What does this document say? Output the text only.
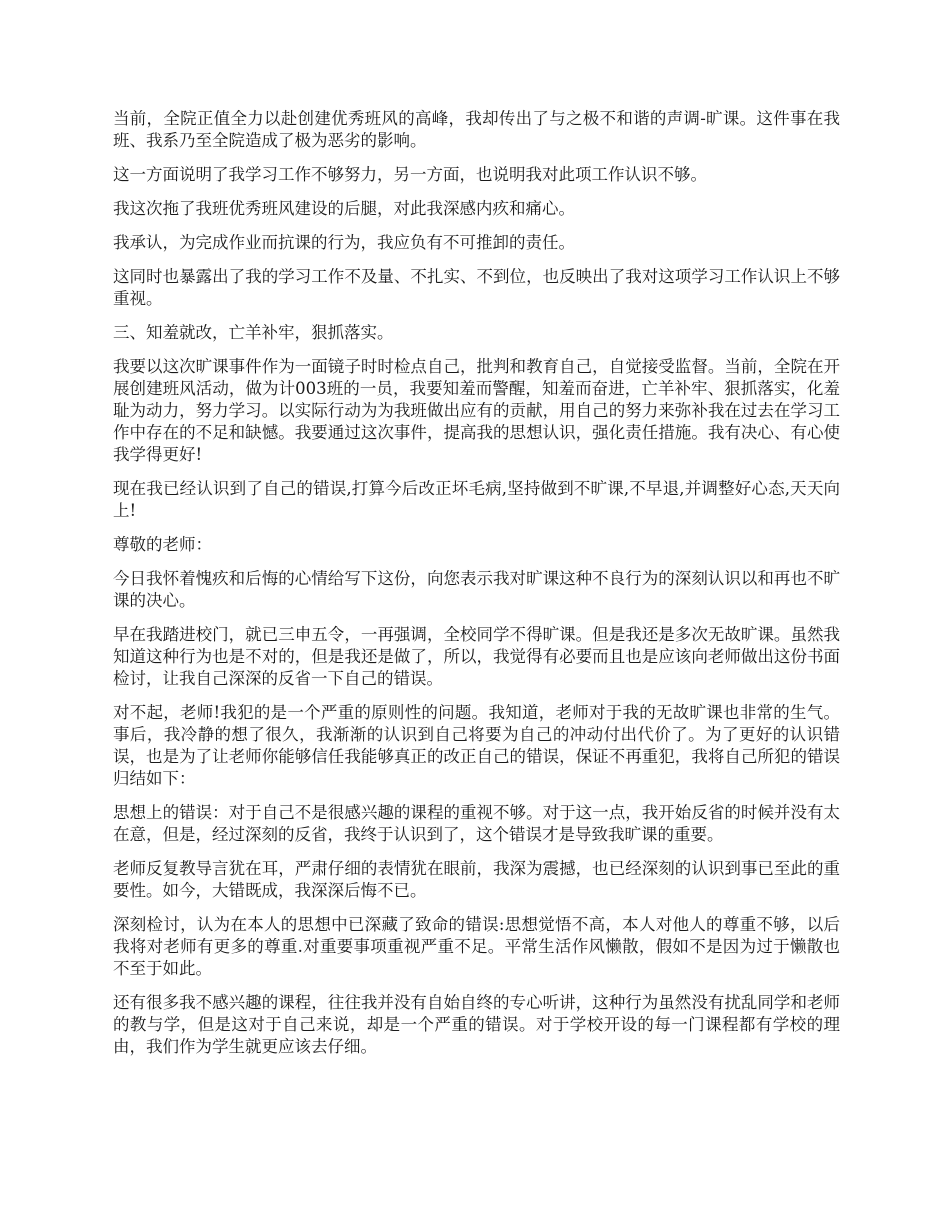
当前，全院正值全力以赴创建优秀班风的高峰，我却传出了与之极不和谐的声调-旷课。这件事在我班、我系乃至全院造成了极为恶劣的影响。

这一方面说明了我学习工作不够努力，另一方面，也说明我对此项工作认识不够。

我这次拖了我班优秀班风建设的后腿，对此我深感内疚和痛心。

我承认，为完成作业而抗课的行为，我应负有不可推卸的责任。

这同时也暴露出了我的学习工作不及量、不扎实、不到位，也反映出了我对这项学习工作认识上不够重视。

三、知羞就改，亡羊补牢，狠抓落实。

我要以这次旷课事件作为一面镜子时时检点自己，批判和教育自己，自觉接受监督。当前，全院在开展创建班风活动，做为计003班的一员，我要知羞而警醒，知羞而奋进，亡羊补牢、狠抓落实，化羞耻为动力，努力学习。以实际行动为为我班做出应有的贡献，用自己的努力来弥补我在过去在学习工作中存在的不足和缺憾。我要通过这次事件，提高我的思想认识，强化责任措施。我有决心、有心使我学得更好!

现在我已经认识到了自己的错误,打算今后改正坏毛病,坚持做到不旷课,不早退,并调整好心态,天天向上!

尊敬的老师：

今日我怀着愧疚和后悔的心情给写下这份，向您表示我对旷课这种不良行为的深刻认识以和再也不旷课的决心。

早在我踏进校门，就已三申五令，一再强调，全校同学不得旷课。但是我还是多次无故旷课。虽然我知道这种行为也是不对的，但是我还是做了，所以，我觉得有必要而且也是应该向老师做出这份书面检讨，让我自己深深的反省一下自己的错误。

对不起，老师!我犯的是一个严重的原则性的问题。我知道，老师对于我的无故旷课也非常的生气。事后，我冷静的想了很久，我渐渐的认识到自己将要为自己的冲动付出代价了。为了更好的认识错误，也是为了让老师你能够信任我能够真正的改正自己的错误，保证不再重犯，我将自己所犯的错误归结如下：

思想上的错误：对于自己不是很感兴趣的课程的重视不够。对于这一点，我开始反省的时候并没有太在意，但是，经过深刻的反省，我终于认识到了，这个错误才是导致我旷课的重要。

老师反复教导言犹在耳，严肃仔细的表情犹在眼前，我深为震撼，也已经深刻的认识到事已至此的重要性。如今，大错既成，我深深后悔不已。

深刻检讨，认为在本人的思想中已深藏了致命的错误:思想觉悟不高，本人对他人的尊重不够，以后我将对老师有更多的尊重.对重要事项重视严重不足。平常生活作风懒散，假如不是因为过于懒散也不至于如此。

还有很多我不感兴趣的课程，往往我并没有自始自终的专心听讲，这种行为虽然没有扰乱同学和老师的教与学，但是这对于自己来说，却是一个严重的错误。对于学校开设的每一门课程都有学校的理由，我们作为学生就更应该去仔细。
